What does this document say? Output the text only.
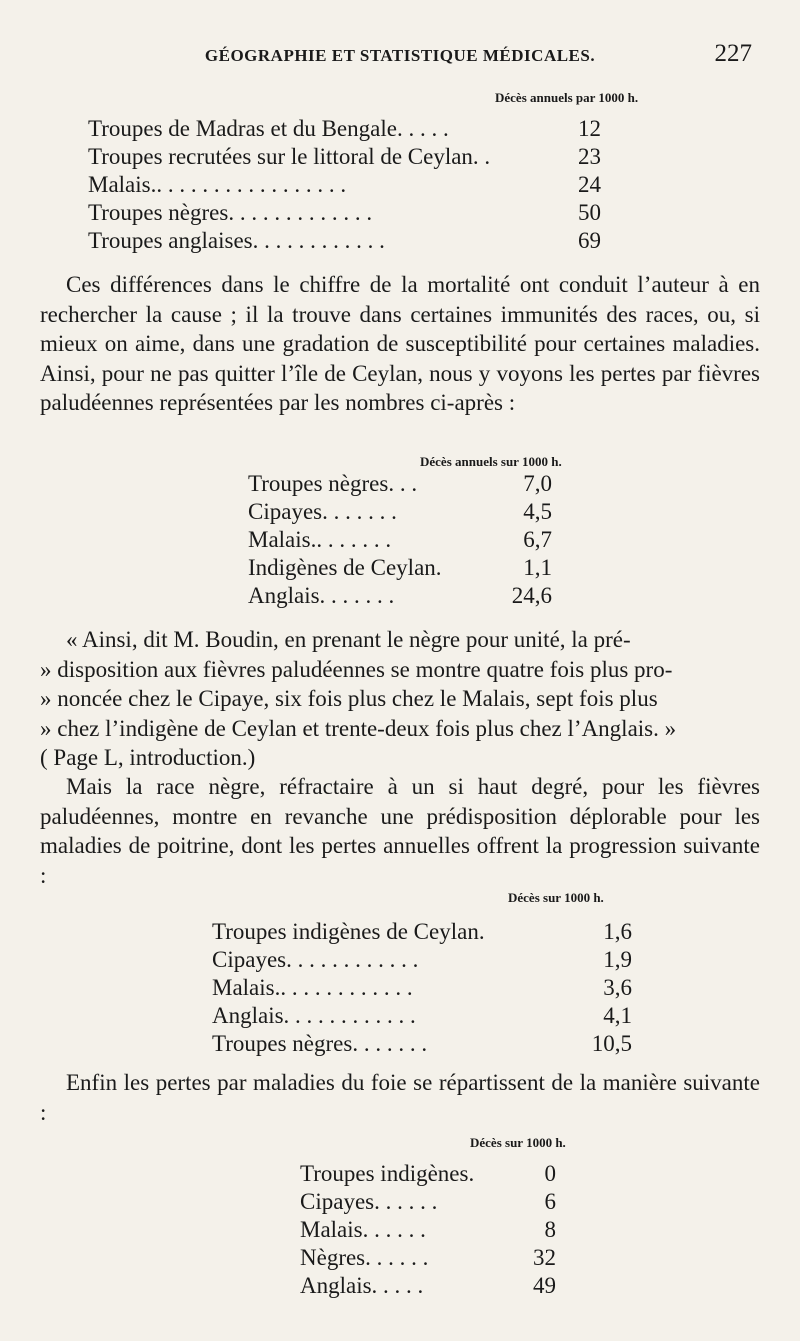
GÉOGRAPHIE ET STATISTIQUE MÉDICALES.	227
Décès annuels par 1000 h.
Troupes de Madras et du Bengale. . . . .	12
Troupes recrutées sur le littoral de Ceylan. .	23
Malais.. . . . . . . . . . . . . . . . .	24
Troupes nègres. . . . . . . . . . . . .	50
Troupes anglaises. . . . . . . . . . . .	69

Ces différences dans le chiffre de la mortalité ont conduit l’auteur à en rechercher la cause ; il la trouve dans certaines immunités des races, ou, si mieux on aime, dans une gradation de susceptibilité pour certaines maladies. Ainsi, pour ne pas quitter l’île de Ceylan, nous y voyons les pertes par fièvres paludéennes représentées par les nombres ci-après :

Décès annuels sur 1000 h.
Troupes nègres. . .	7,0
Cipayes. . . . . . .	4,5
Malais.. . . . . . .	6,7
Indigènes de Ceylan.	1,1
Anglais. . . . . . .	24,6

« Ainsi, dit M. Boudin, en prenant le nègre pour unité, la pré-

» disposition aux fièvres paludéennes se montre quatre fois plus pro-

» noncée chez le Cipaye, six fois plus chez le Malais, sept fois plus

» chez l’indigène de Ceylan et trente-deux fois plus chez l’Anglais. »

( Page L, introduction.)

Mais la race nègre, réfractaire à un si haut degré, pour les fièvres paludéennes, montre en revanche une prédisposition déplorable pour les maladies de poitrine, dont les pertes annuelles offrent la progression suivante :

Décès sur 1000 h.
Troupes indigènes de Ceylan.	1,6
Cipayes. . . . . . . . . . . .	1,9
Malais.. . . . . . . . . . . .	3,6
Anglais. . . . . . . . . . . .	4,1
Troupes nègres. . . . . . .	10,5

Enfin les pertes par maladies du foie se répartissent de la manière suivante :

Décès sur 1000 h.
Troupes indigènes.	0
Cipayes. . . . . .	6
Malais. . . . . .	8
Nègres. . . . . .	32
Anglais. . . . .	49
